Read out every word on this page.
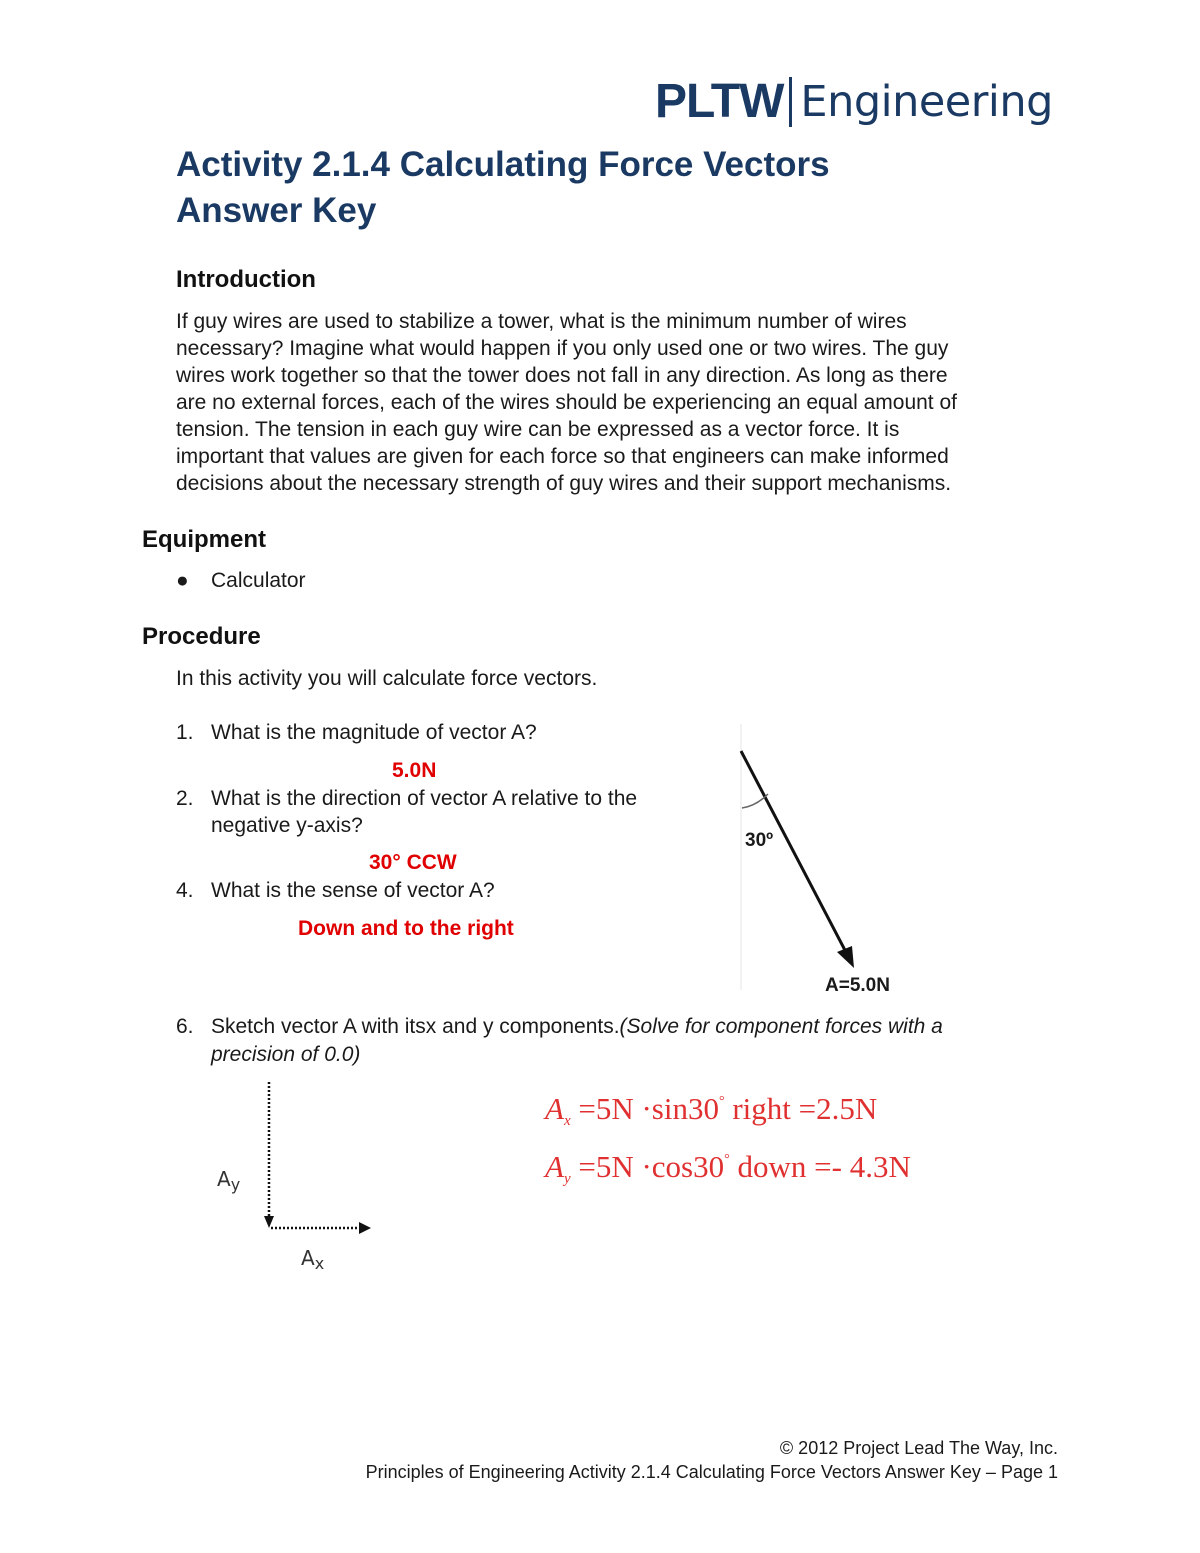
PLTW Engineering
Activity 2.1.4 Calculating Force Vectors
Answer Key
Introduction
If guy wires are used to stabilize a tower, what is the minimum number of wires
necessary? Imagine what would happen if you only used one or two wires. The guy
wires work together so that the tower does not fall in any direction. As long as there
are no external forces, each of the wires should be experiencing an equal amount of
tension. The tension in each guy wire can be expressed as a vector force. It is
important that values are given for each force so that engineers can make informed
decisions about the necessary strength of guy wires and their support mechanisms.
Equipment
● Calculator
Procedure
In this activity you will calculate force vectors.
1. What is the magnitude of vector A?
5.0N
2. What is the direction of vector A relative to the
negative y-axis?
30° CCW
4. What is the sense of vector A?
Down and to the right
30º
A=5.0N
6. Sketch vector A with itsx and y components.(Solve for component forces with a
precision of 0.0)
$A_y$
$A_x$
$A_x =5N \cdot\sin 30^\circ$ right =2.5N
$A_y =5N \cdot\cos 30^\circ$ down =- 4.3N
© 2012 Project Lead The Way, Inc.
Principles of Engineering Activity 2.1.4 Calculating Force Vectors Answer Key – Page 1
